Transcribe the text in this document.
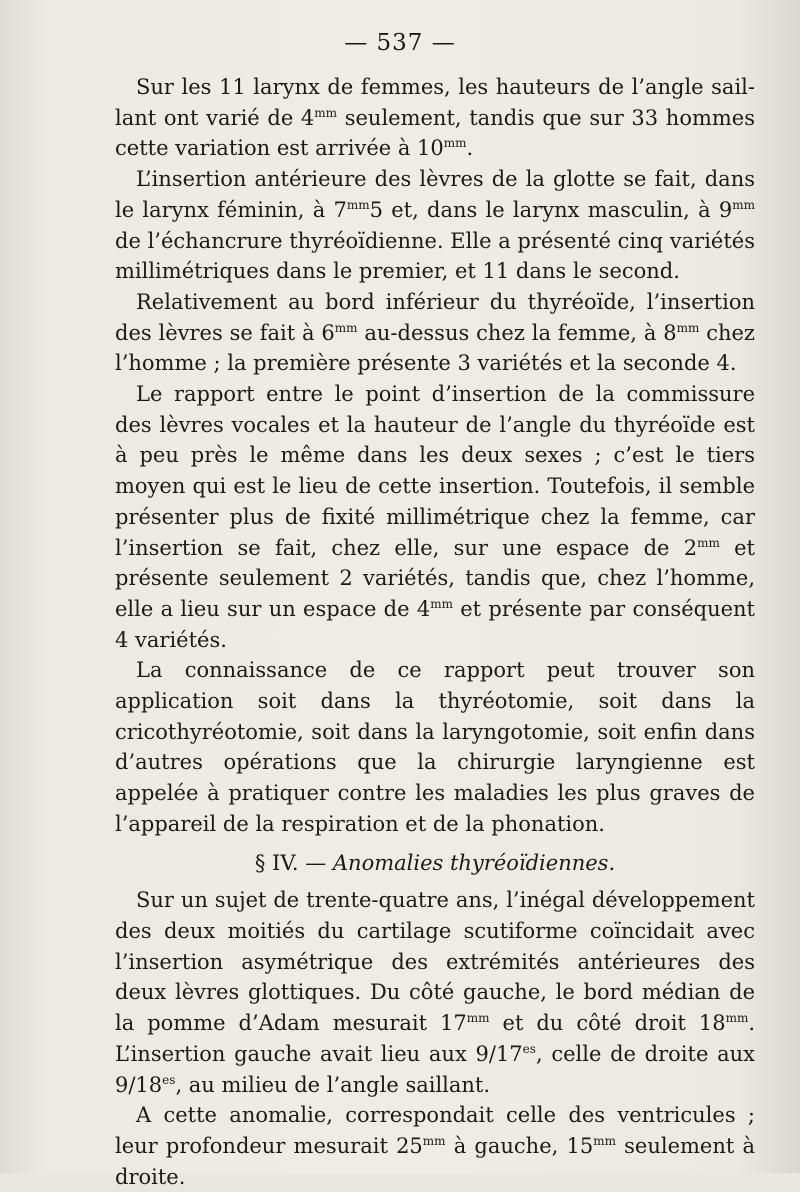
— 537 —

Sur les 11 larynx de femmes, les hauteurs de l’angle saillant ont varié de $4^{mm}$ seulement, tandis que sur 33 hommes cette variation est arrivée à $10^{mm}$.

L’insertion antérieure des lèvres de la glotte se fait, dans le larynx féminin, à $7^{mm}5$ et, dans le larynx masculin, à $9^{mm}$ de l’échancrure thyréoïdienne. Elle a présenté cinq variétés millimétriques dans le premier, et 11 dans le second.

Relativement au bord inférieur du thyréoïde, l’insertion des lèvres se fait à $6^{mm}$ au-dessus chez la femme, à $8^{mm}$ chez l’homme ; la première présente 3 variétés et la seconde 4.

Le rapport entre le point d’insertion de la commissure des lèvres vocales et la hauteur de l’angle du thyréoïde est à peu près le même dans les deux sexes ; c’est le tiers moyen qui est le lieu de cette insertion. Toutefois, il semble présenter plus de fixité millimétrique chez la femme, car l’insertion se fait, chez elle, sur une espace de $2^{mm}$ et présente seulement 2 variétés, tandis que, chez l’homme, elle a lieu sur un espace de $4^{mm}$ et présente par conséquent 4 variétés.

La connaissance de ce rapport peut trouver son application soit dans la thyréotomie, soit dans la cricothyréotomie, soit dans la laryngotomie, soit enfin dans d’autres opérations que la chirurgie laryngienne est appelée à pratiquer contre les maladies les plus graves de l’appareil de la respiration et de la phonation.

§ IV. — Anomalies thyréoïdiennes.

Sur un sujet de trente-quatre ans, l’inégal développement des deux moitiés du cartilage scutiforme coïncidait avec l’insertion asymétrique des extrémités antérieures des deux lèvres glottiques. Du côté gauche, le bord médian de la pomme d’Adam mesurait $17^{mm}$ et du côté droit $18^{mm}$. L’insertion gauche avait lieu aux $9/17^{es}$, celle de droite aux $9/18^{es}$, au milieu de l’angle saillant.

A cette anomalie, correspondait celle des ventricules ; leur profondeur mesurait $25^{mm}$ à gauche, $15^{mm}$ seulement à droite.
